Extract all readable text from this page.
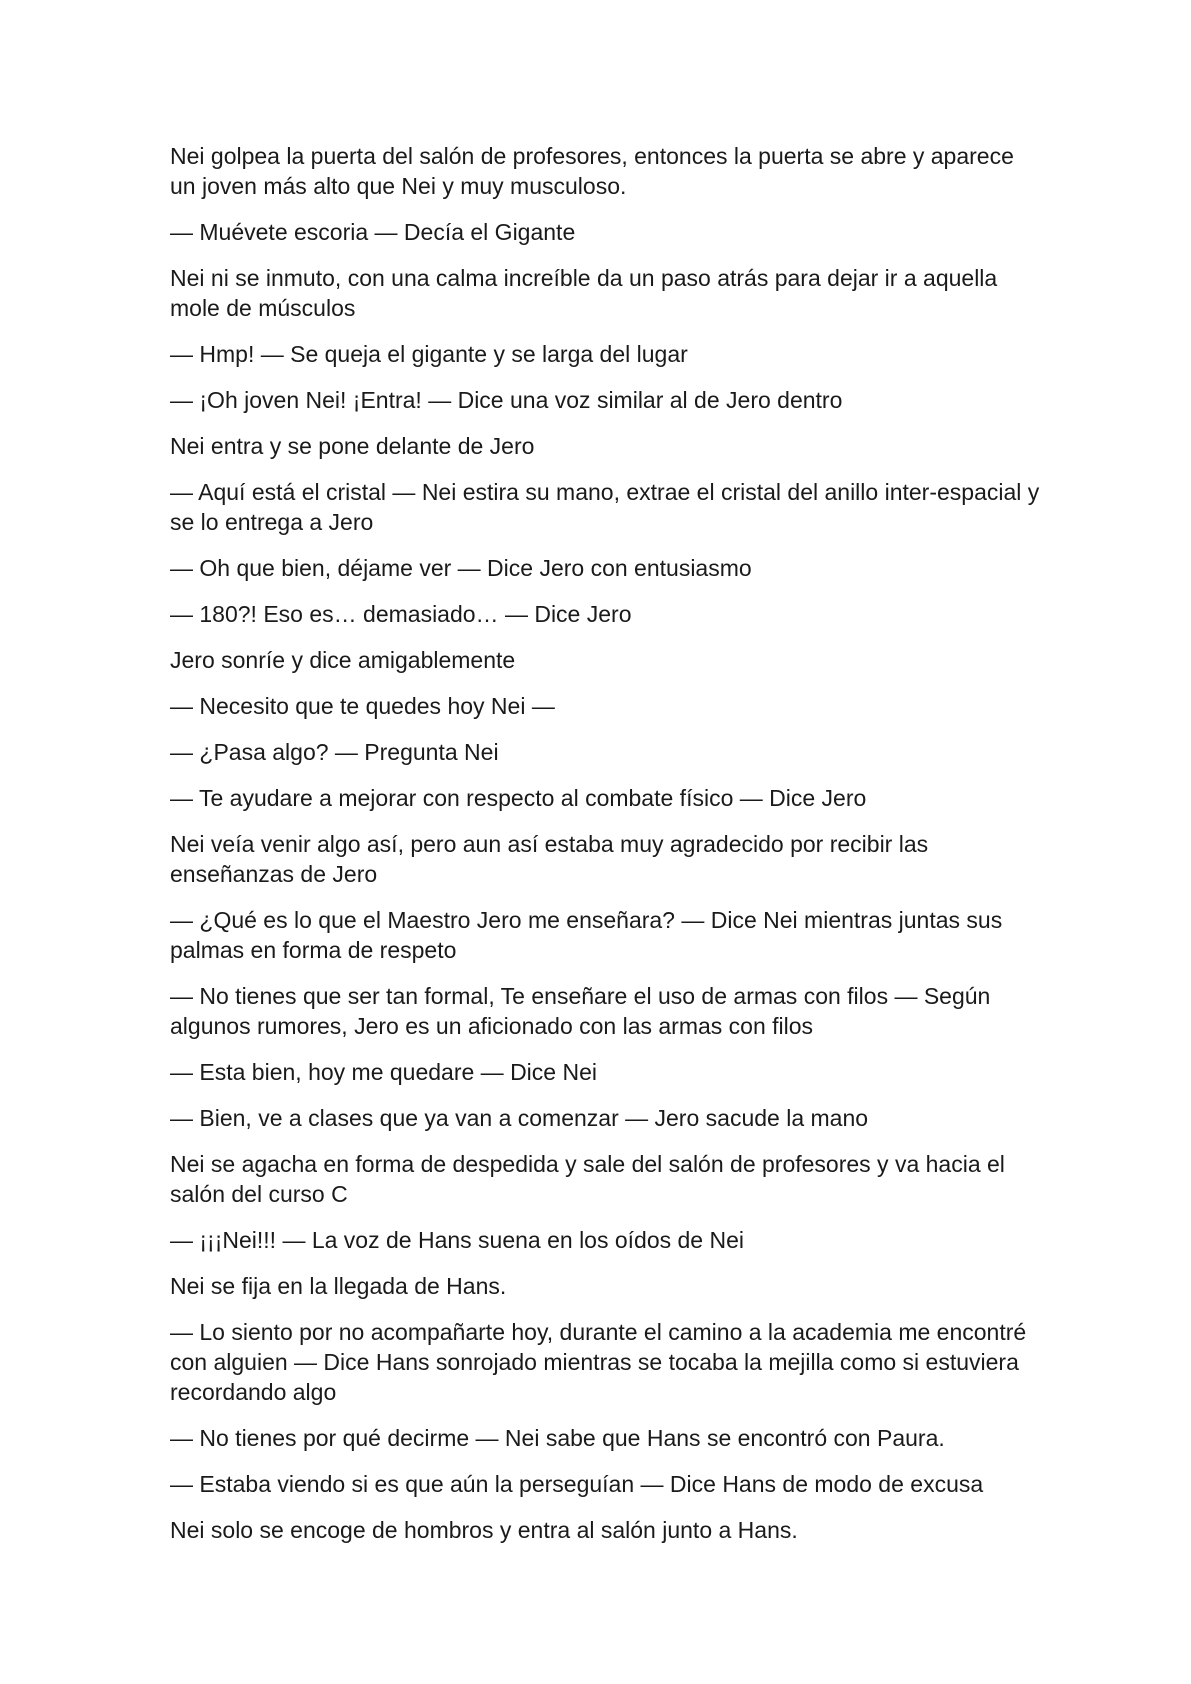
Nei golpea la puerta del salón de profesores, entonces la puerta se abre y aparece un joven más alto que Nei y muy musculoso.

— Muévete escoria — Decía el Gigante

Nei ni se inmuto, con una calma increíble da un paso atrás para dejar ir a aquella mole de músculos

— Hmp! — Se queja el gigante y se larga del lugar

— ¡Oh joven Nei! ¡Entra! — Dice una voz similar al de Jero dentro

Nei entra y se pone delante de Jero

— Aquí está el cristal — Nei estira su mano, extrae el cristal del anillo inter-espacial y se lo entrega a Jero

— Oh que bien, déjame ver — Dice Jero con entusiasmo

— 180?! Eso es… demasiado… — Dice Jero

Jero sonríe y dice amigablemente

— Necesito que te quedes hoy Nei —

— ¿Pasa algo? — Pregunta Nei

— Te ayudare a mejorar con respecto al combate físico — Dice Jero

Nei veía venir algo así, pero aun así estaba muy agradecido por recibir las enseñanzas de Jero

— ¿Qué es lo que el Maestro Jero me enseñara? — Dice Nei mientras juntas sus palmas en forma de respeto

— No tienes que ser tan formal, Te enseñare el uso de armas con filos — Según algunos rumores, Jero es un aficionado con las armas con filos

— Esta bien, hoy me quedare — Dice Nei

— Bien, ve a clases que ya van a comenzar — Jero sacude la mano

Nei se agacha en forma de despedida y sale del salón de profesores y va hacia el salón del curso C

— ¡¡¡Nei!!! — La voz de Hans suena en los oídos de Nei

Nei se fija en la llegada de Hans.

— Lo siento por no acompañarte hoy, durante el camino a la academia me encontré con alguien — Dice Hans sonrojado mientras se tocaba la mejilla como si estuviera recordando algo

— No tienes por qué decirme — Nei sabe que Hans se encontró con Paura.

— Estaba viendo si es que aún la perseguían — Dice Hans de modo de excusa

Nei solo se encoge de hombros y entra al salón junto a Hans.
